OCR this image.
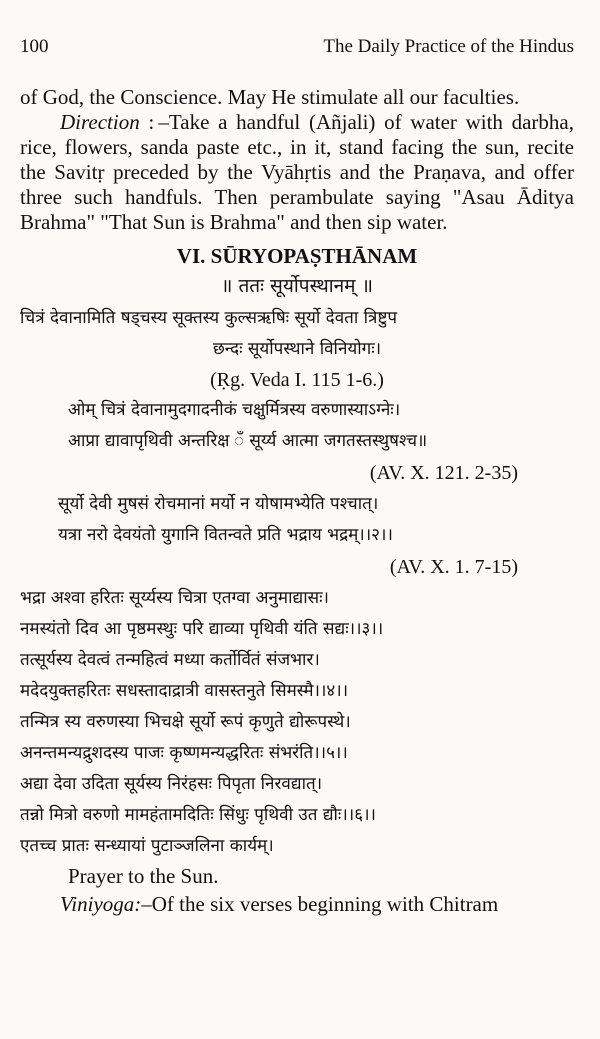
100	The Daily Practice of the Hindus

of God, the Conscience. May He stimulate all our faculties.

Direction : –Take a handful (Añjali) of water with darbha, rice, flowers, sanda paste etc., in it, stand facing the sun, recite the Savitṛ preceded by the Vyāhṛtis and the Praṇava, and offer three such handfuls. Then perambulate saying "Asau Āditya Brahma" "That Sun is Brahma" and then sip water.

VI. SŪRYOPAṢTHĀNAM

॥ ततः सूर्योपस्थानम् ॥
चित्रं देवानामिति षड्चस्य सूक्तस्य कुल्सऋषिः सूर्यो देवता त्रिष्टुप
छन्दः सूर्योपस्थाने विनियोगः।
(Ṛg. Veda I. 115 1-6.)
ओम् चित्रं देवानामुदगादनीकं चक्षुर्मित्रस्य वरुणास्याऽग्नेः।
आप्रा द्यावापृथिवी अन्तरिक्ष ँ सूर्य्य आत्मा जगतस्तस्थुषश्च॥
(AV. X. 121. 2-35)
सूर्यो देवी मुषसं रोचमानां मर्यो न योषामभ्येति पश्चात्।
यत्रा नरो देवयंतो युगानि वितन्वते प्रति भद्राय भद्रम्।।२।।
(AV. X. 1. 7-15)
भद्रा अश्वा हरितः सूर्य्यस्य चित्रा एतग्वा अनुमाद्यासः।
नमस्यंतो दिव आ पृष्ठमस्थुः परि द्याव्या पृथिवी यंति सद्यः।।३।।
तत्सूर्यस्य देवत्वं तन्महित्वं मध्या कर्तोर्वितं संजभार।
मदेदयुक्तहरितः सधस्तादाद्रात्री वासस्तनुते सिमस्मै।।४।।
तन्मित्र स्य वरुणस्या भिचक्षे सूर्यो रूपं कृणुते द्योरूपस्थे।
अनन्तमन्यद्रुशदस्य पाजः कृष्णमन्यद्धरितः संभरंति।।५।।
अद्या देवा उदिता सूर्यस्य निरंहसः पिपृता निरवद्यात्।
तन्नो मित्रो वरुणो मामहंतामदितिः सिंधुः पृथिवी उत द्यौः।।६।।
एतच्च प्रातः सन्ध्यायां पुटाञ्जलिना कार्यम्।

Prayer to the Sun.

Viniyoga:–Of the six verses beginning with Chitram
